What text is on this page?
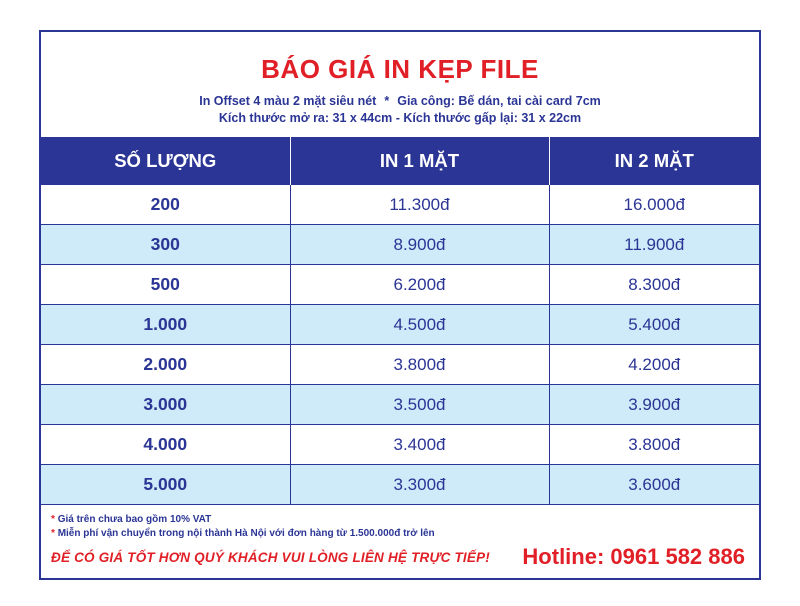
BÁO GIÁ IN KẸP FILE
In Offset 4 màu 2 mặt siêu nét * Gia công: Bế dán, tai cài card 7cm
Kích thước mở ra: 31 x 44cm - Kích thước gấp lại: 31 x 22cm
SỐ LƯỢNG	IN 1 MẶT	IN 2 MẶT
200	11.300đ	16.000đ
300	8.900đ	11.900đ
500	6.200đ	8.300đ
1.000	4.500đ	5.400đ
2.000	3.800đ	4.200đ
3.000	3.500đ	3.900đ
4.000	3.400đ	3.800đ
5.000	3.300đ	3.600đ
* Giá trên chưa bao gồm 10% VAT
* Miễn phí vận chuyển trong nội thành Hà Nội với đơn hàng từ 1.500.000đ trở lên
ĐỂ CÓ GIÁ TỐT HƠN QUÝ KHÁCH VUI LÒNG LIÊN HỆ TRỰC TIẾP! Hotline: 0961 582 886
